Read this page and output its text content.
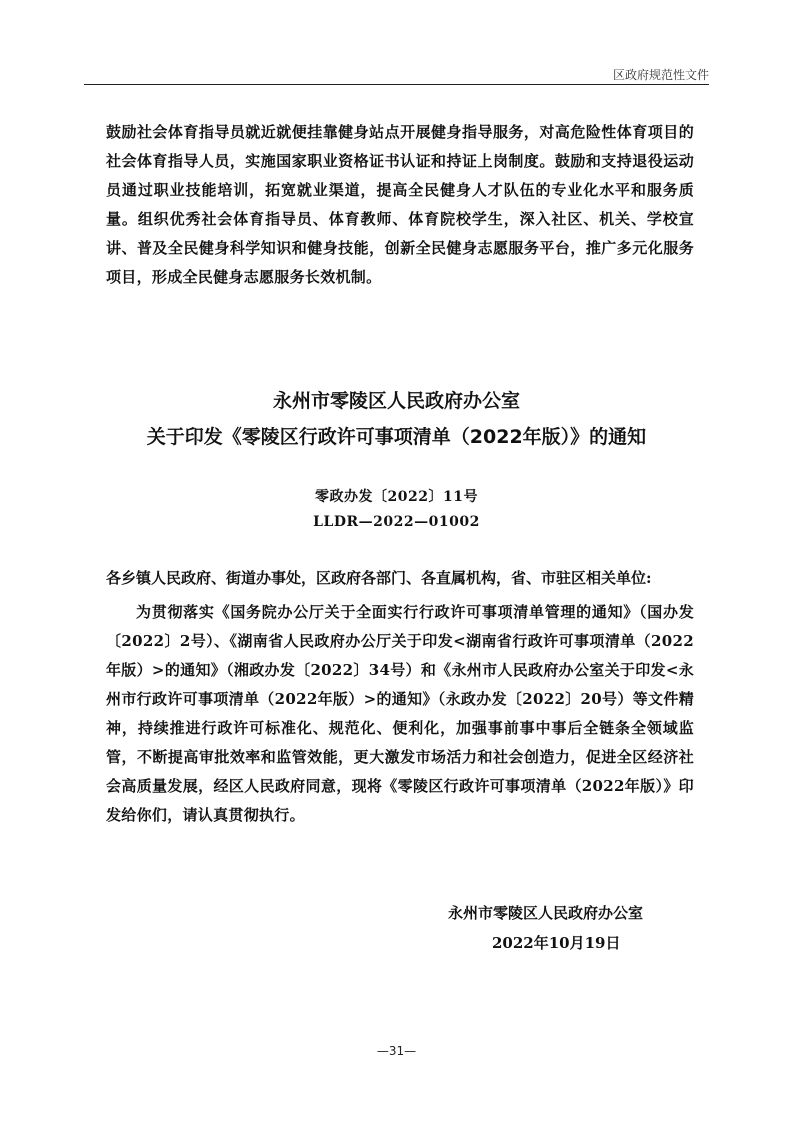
区政府规范性文件
鼓励社会体育指导员就近就便挂靠健身站点开展健身指导服务，对高危险性体育项目的社会体育指导人员，实施国家职业资格证书认证和持证上岗制度。鼓励和支持退役运动员通过职业技能培训，拓宽就业渠道，提高全民健身人才队伍的专业化水平和服务质量。组织优秀社会体育指导员、体育教师、体育院校学生，深入社区、机关、学校宣讲、普及全民健身科学知识和健身技能，创新全民健身志愿服务平台，推广多元化服务项目，形成全民健身志愿服务长效机制。
永州市零陵区人民政府办公室
关于印发《零陵区行政许可事项清单（2022年版）》的通知
零政办发〔2022〕11号
LLDR—2022—01002
各乡镇人民政府、街道办事处，区政府各部门、各直属机构，省、市驻区相关单位:
为贯彻落实《国务院办公厅关于全面实行行政许可事项清单管理的通知》（国办发〔2022〕2号）、《湖南省人民政府办公厅关于印发<湖南省行政许可事项清单（2022年版）>的通知》（湘政办发〔2022〕34号）和《永州市人民政府办公室关于印发<永州市行政许可事项清单（2022年版）>的通知》（永政办发〔2022〕20号）等文件精神，持续推进行政许可标准化、规范化、便利化，加强事前事中事后全链条全领域监管，不断提高审批效率和监管效能，更大激发市场活力和社会创造力，促进全区经济社会高质量发展，经区人民政府同意，现将《零陵区行政许可事项清单（2022年版）》印发给你们，请认真贯彻执行。
永州市零陵区人民政府办公室
2022年10月19日
—31—
